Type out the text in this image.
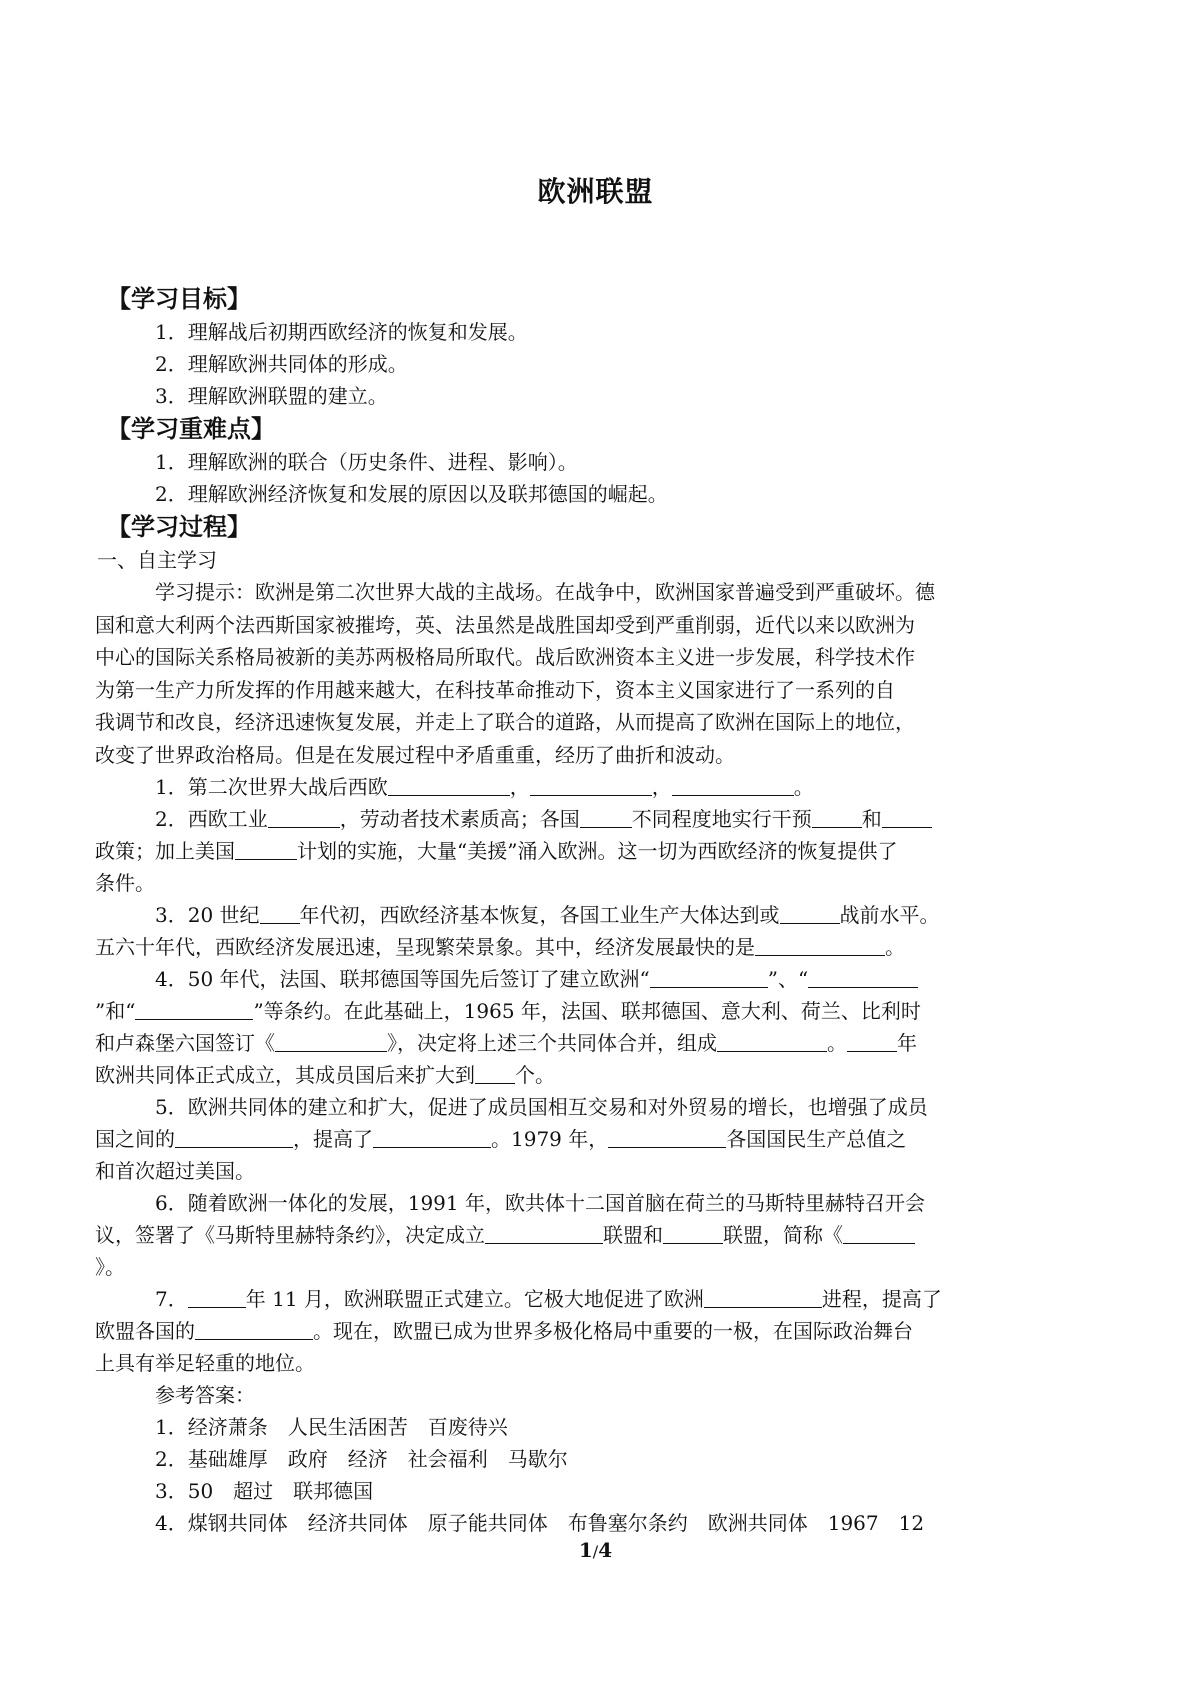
欧洲联盟
【学习目标】
1．理解战后初期西欧经济的恢复和发展。
2．理解欧洲共同体的形成。
3．理解欧洲联盟的建立。
【学习重难点】
1．理解欧洲的联合（历史条件、进程、影响）。
2．理解欧洲经济恢复和发展的原因以及联邦德国的崛起。
【学习过程】
一、自主学习
学习提示：欧洲是第二次世界大战的主战场。在战争中，欧洲国家普遍受到严重破坏。德
国和意大利两个法西斯国家被摧垮，英、法虽然是战胜国却受到严重削弱，近代以来以欧洲为
中心的国际关系格局被新的美苏两极格局所取代。战后欧洲资本主义进一步发展，科学技术作
为第一生产力所发挥的作用越来越大，在科技革命推动下，资本主义国家进行了一系列的自
我调节和改良，经济迅速恢复发展，并走上了联合的道路，从而提高了欧洲在国际上的地位，
改变了世界政治格局。但是在发展过程中矛盾重重，经历了曲折和波动。
1．第二次世界大战后西欧	，	，	。
2．西欧工业	，劳动者技术素质高；各国	不同程度地实行干预	和
政策；加上美国	计划的实施，大量“美援”涌入欧洲。这一切为西欧经济的恢复提供了
条件。
3．20 世纪 年代初，西欧经济基本恢复，各国工业生产大体达到或	战前水平。
五六十年代，西欧经济发展迅速，呈现繁荣景象。其中，经济发展最快的是	。
4．50 年代，法国、联邦德国等国先后签订了建立欧洲“	”、“
”和“	”等条约。在此基础上，1965 年，法国、联邦德国、意大利、荷兰、比利时
和卢森堡六国签订《	》，决定将上述三个共同体合并，组成	。	年
欧洲共同体正式成立，其成员国后来扩大到 个。
5．欧洲共同体的建立和扩大，促进了成员国相互交易和对外贸易的增长，也增强了成员
国之间的	，提高了	。1979 年，	各国国民生产总值之
和首次超过美国。
6．随着欧洲一体化的发展，1991 年，欧共体十二国首脑在荷兰的马斯特里赫特召开会
议，签署了《马斯特里赫特条约》，决定成立	联盟和	联盟，简称《
》。
7．	年 11 月，欧洲联盟正式建立。它极大地促进了欧洲	进程，提高了
欧盟各国的	。现在，欧盟已成为世界多极化格局中重要的一极，在国际政治舞台
上具有举足轻重的地位。
参考答案：
1．经济萧条　人民生活困苦　百废待兴
2．基础雄厚　政府　经济　社会福利　马歇尔
3．50　超过　联邦德国
4．煤钢共同体　经济共同体　原子能共同体　布鲁塞尔条约　欧洲共同体　1967　12
1/4
